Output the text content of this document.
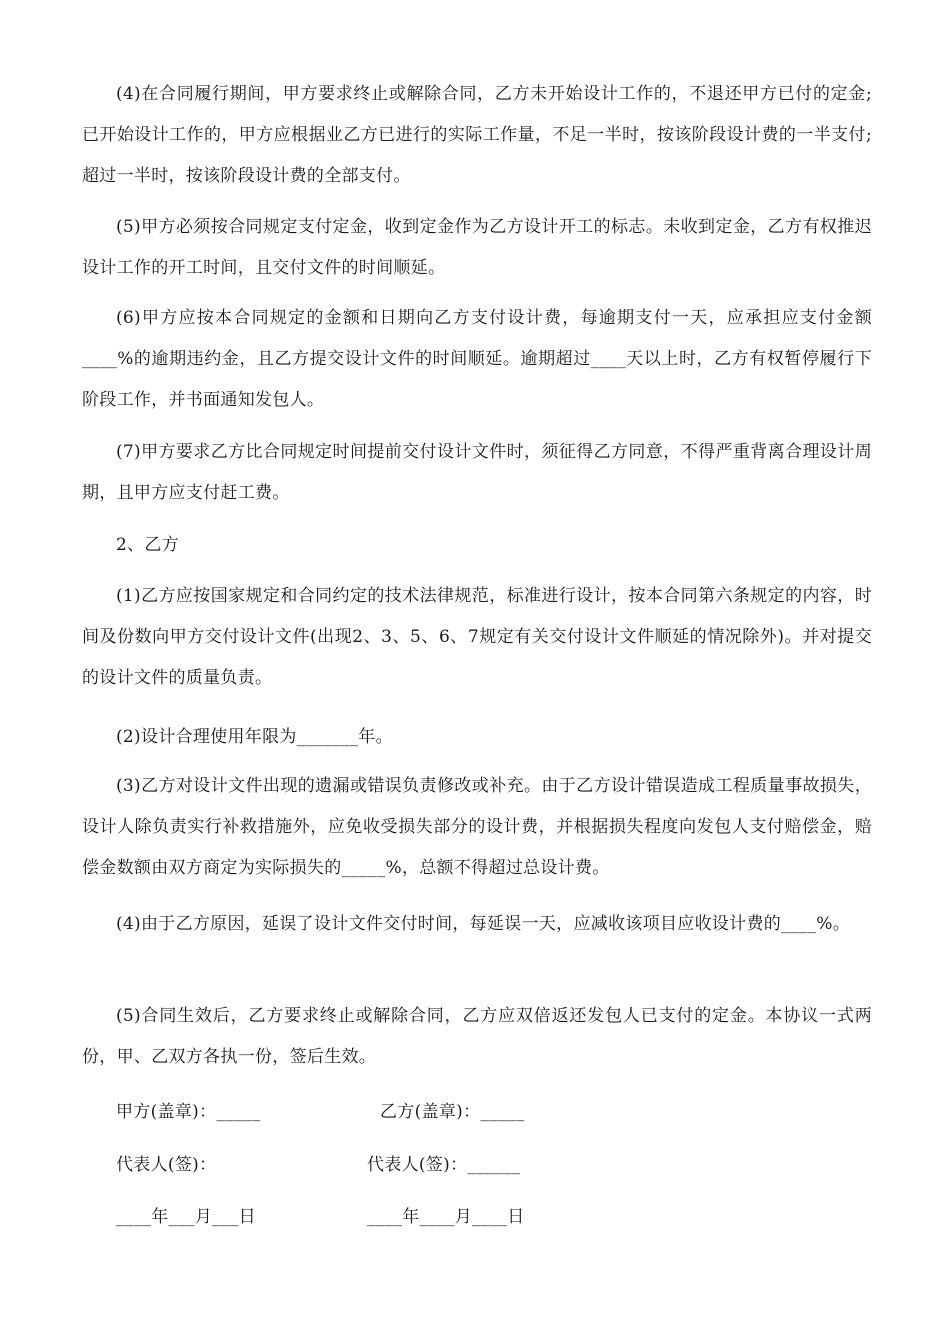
(4)在合同履行期间，甲方要求终止或解除合同，乙方未开始设计工作的，不退还甲方已付的定金;已开始设计工作的，甲方应根据业乙方已进行的实际工作量，不足一半时，按该阶段设计费的一半支付;超过一半时，按该阶段设计费的全部支付。

(5)甲方必须按合同规定支付定金，收到定金作为乙方设计开工的标志。未收到定金，乙方有权推迟设计工作的开工时间，且交付文件的时间顺延。

(6)甲方应按本合同规定的金额和日期向乙方支付设计费，每逾期支付一天，应承担应支付金额____%的逾期违约金，且乙方提交设计文件的时间顺延。逾期超过____天以上时，乙方有权暂停履行下阶段工作，并书面通知发包人。

(7)甲方要求乙方比合同规定时间提前交付设计文件时，须征得乙方同意，不得严重背离合理设计周期，且甲方应支付赶工费。

2、乙方

(1)乙方应按国家规定和合同约定的技术法律规范，标准进行设计，按本合同第六条规定的内容，时间及份数向甲方交付设计文件(出现2、3、5、6、7规定有关交付设计文件顺延的情况除外)。并对提交的设计文件的质量负责。

(2)设计合理使用年限为_______年。

(3)乙方对设计文件出现的遗漏或错误负责修改或补充。由于乙方设计错误造成工程质量事故损失，设计人除负责实行补救措施外，应免收受损失部分的设计费，并根据损失程度向发包人支付赔偿金，赔偿金数额由双方商定为实际损失的_____%，总额不得超过总设计费。

(4)由于乙方原因，延误了设计文件交付时间，每延误一天，应减收该项目应收设计费的____%。

(5)合同生效后，乙方要求终止或解除合同，乙方应双倍返还发包人已支付的定金。本协议一式两份，甲、乙双方各执一份，签后生效。

甲方(盖章)：_____	乙方(盖章)：_____
代表人(签)：	代表人(签)：______
____年___月___日	____年____月____日
